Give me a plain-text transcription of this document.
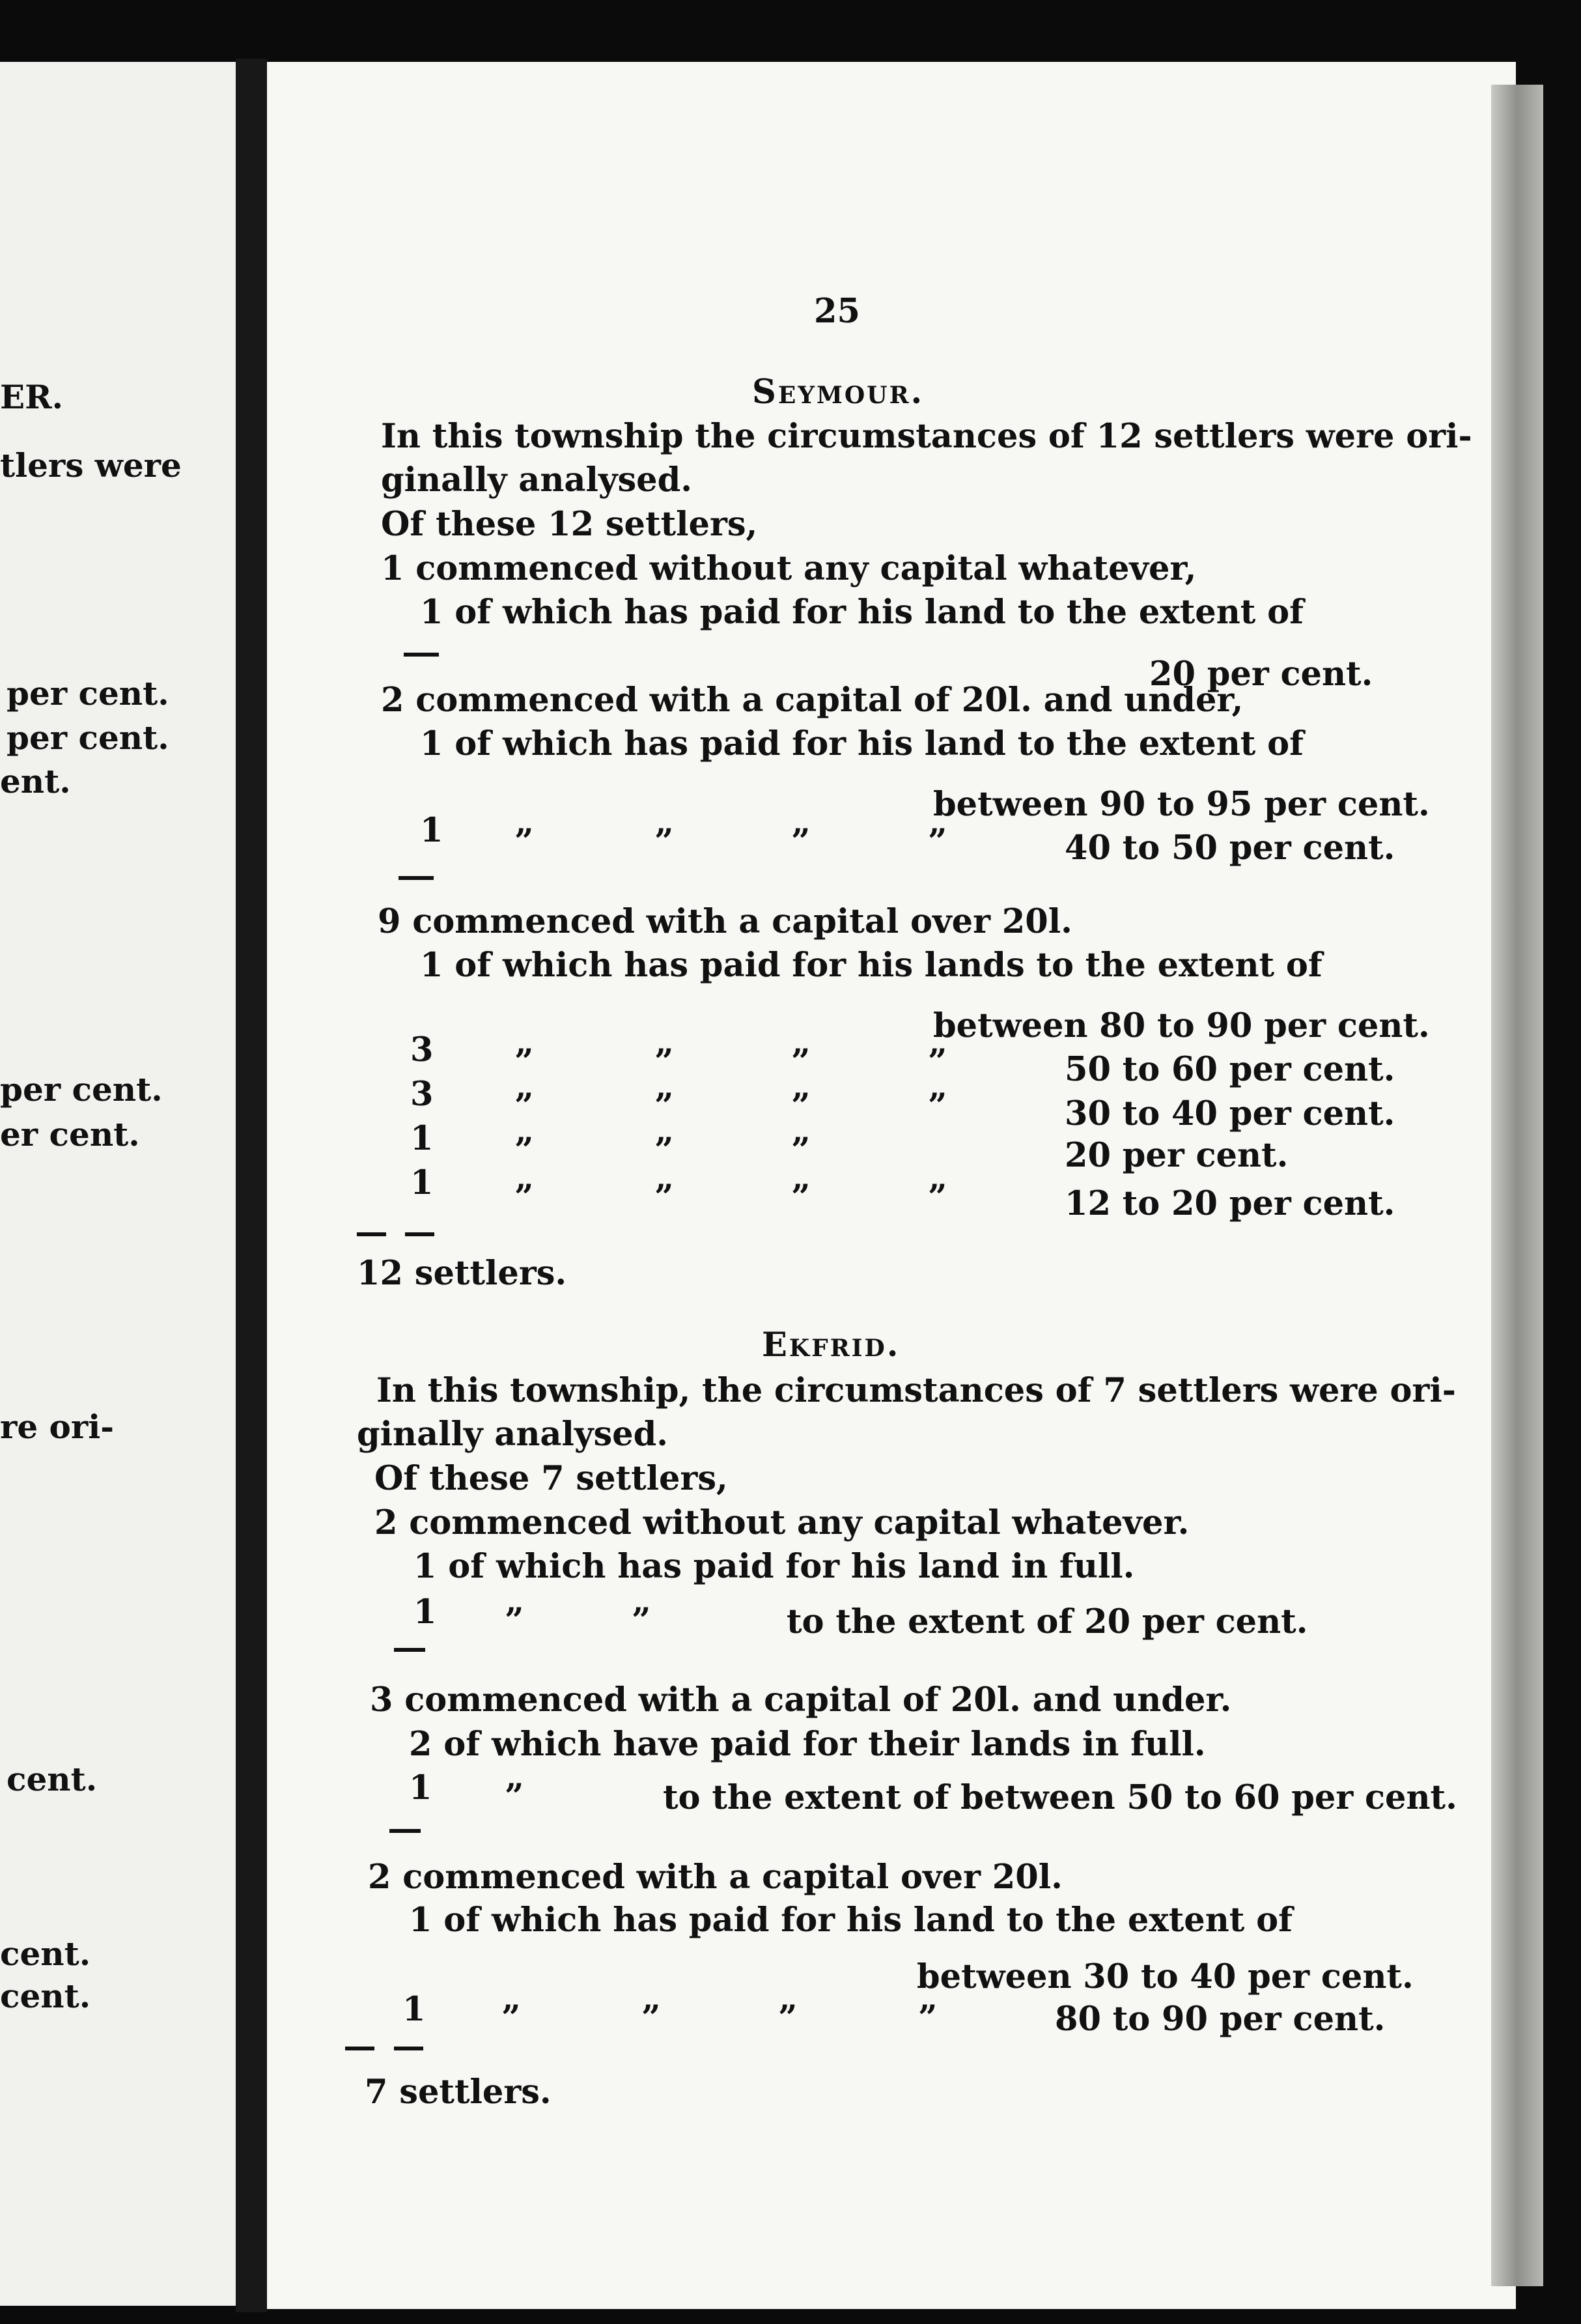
ER.
tlers were
per cent.
per cent.
ent.
per cent.
er cent.
re ori-
cent.
cent.
cent.
25
Seymour.
In this township the circumstances of 12 settlers were ori-
ginally analysed.
Of these 12 settlers,
1 commenced without any capital whatever,
1 of which has paid for his land to the extent of
20 per cent.
2 commenced with a capital of 20l. and under,
1 of which has paid for his land to the extent of
between 90 to 95 per cent.
1 ”	”	”	”	40 to 50 per cent.
9 commenced with a capital over 20l.
1 of which has paid for his lands to the extent of
between 80 to 90 per cent.
3 ”	”	”	”	50 to 60 per cent.
3 ”	”	”	”	30 to 40 per cent.
1 ”	”	”	20 per cent.
1 ”	”	”	”	12 to 20 per cent.
12 settlers.
Ekfrid.
In this township, the circumstances of 7 settlers were ori-
ginally analysed.
Of these 7 settlers,
2 commenced without any capital whatever.
1 of which has paid for his land in full.
1 ”	”	to the extent of 20 per cent.
3 commenced with a capital of 20l. and under.
2 of which have paid for their lands in full.
1 ”	to the extent of between 50 to 60 per cent.
2 commenced with a capital over 20l.
1 of which has paid for his land to the extent of
between 30 to 40 per cent.
1 ”	”	”	”	80 to 90 per cent.
7 settlers.
